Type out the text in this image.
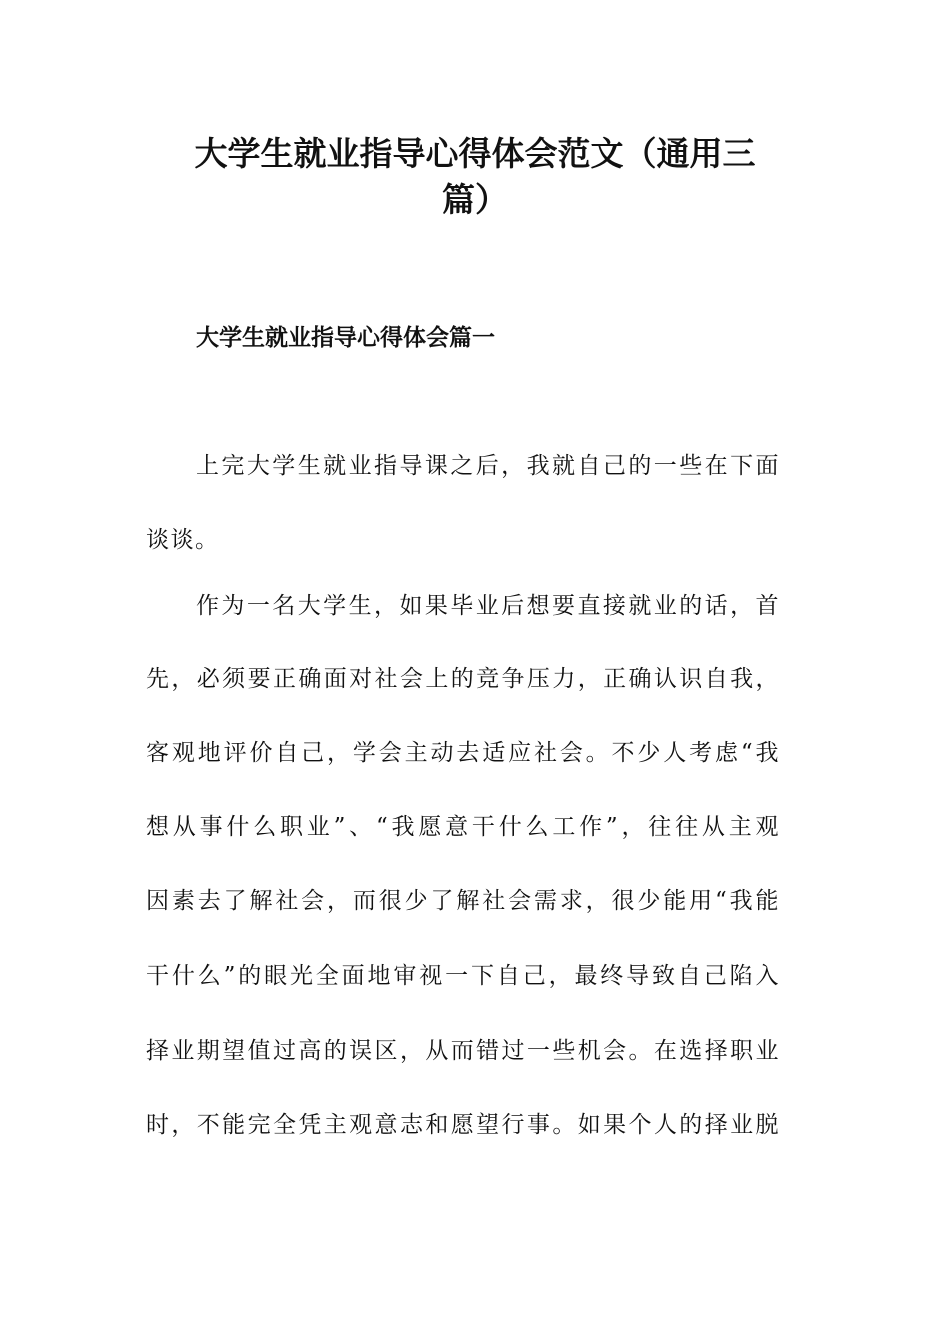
大学生就业指导心得体会范文（通用三
篇）
大学生就业指导心得体会篇一
上完大学生就业指导课之后，我就自己的一些在下面
谈谈。
作为一名大学生，如果毕业后想要直接就业的话，首
先，必须要正确面对社会上的竞争压力，正确认识自我，
客观地评价自己，学会主动去适应社会。不少人考虑“我
想从事什么职业”、“我愿意干什么工作”，往往从主观
因素去了解社会，而很少了解社会需求，很少能用“我能
干什么”的眼光全面地审视一下自己，最终导致自己陷入
择业期望值过高的误区，从而错过一些机会。在选择职业
时，不能完全凭主观意志和愿望行事。如果个人的择业脱
